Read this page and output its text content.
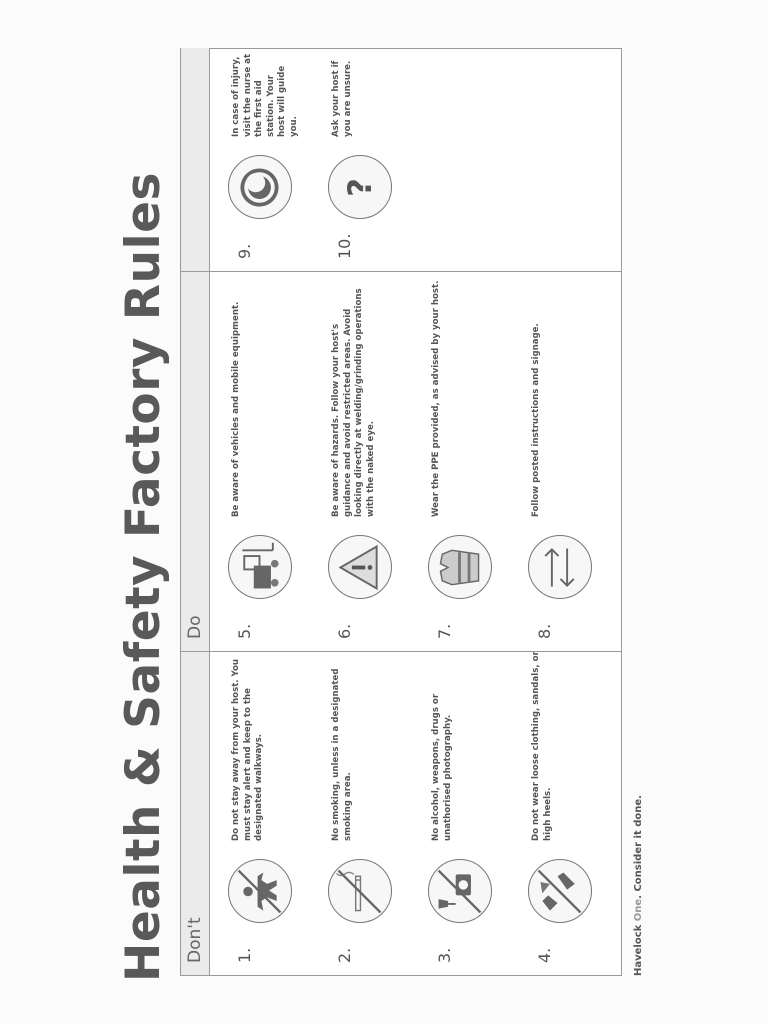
Health & Safety Factory Rules Don't	1.
Do not stay away from your host. You must stay alert and keep to the designated walkways.
2.
No smoking, unless in a designated smoking area.
3.
No alcohol, weapons, drugs or unathorised photography.
4.
Do not wear loose clothing, sandals, or high heels.
Do	5.
Be aware of vehicles and mobile equipment.
6.
Be aware of hazards. Follow your host's guidance and avoid restricted areas. Avoid looking directly at welding/grinding operations with the naked eye.
7.
Wear the PPE provided, as advised by your host.
8.
Follow posted instructions and signage.
9.
In case of injury, visit the nurse at the first aid station. Your host will guide you.
10.
?
Ask your host if you are unsure.
Havelock One. Consider it done.
